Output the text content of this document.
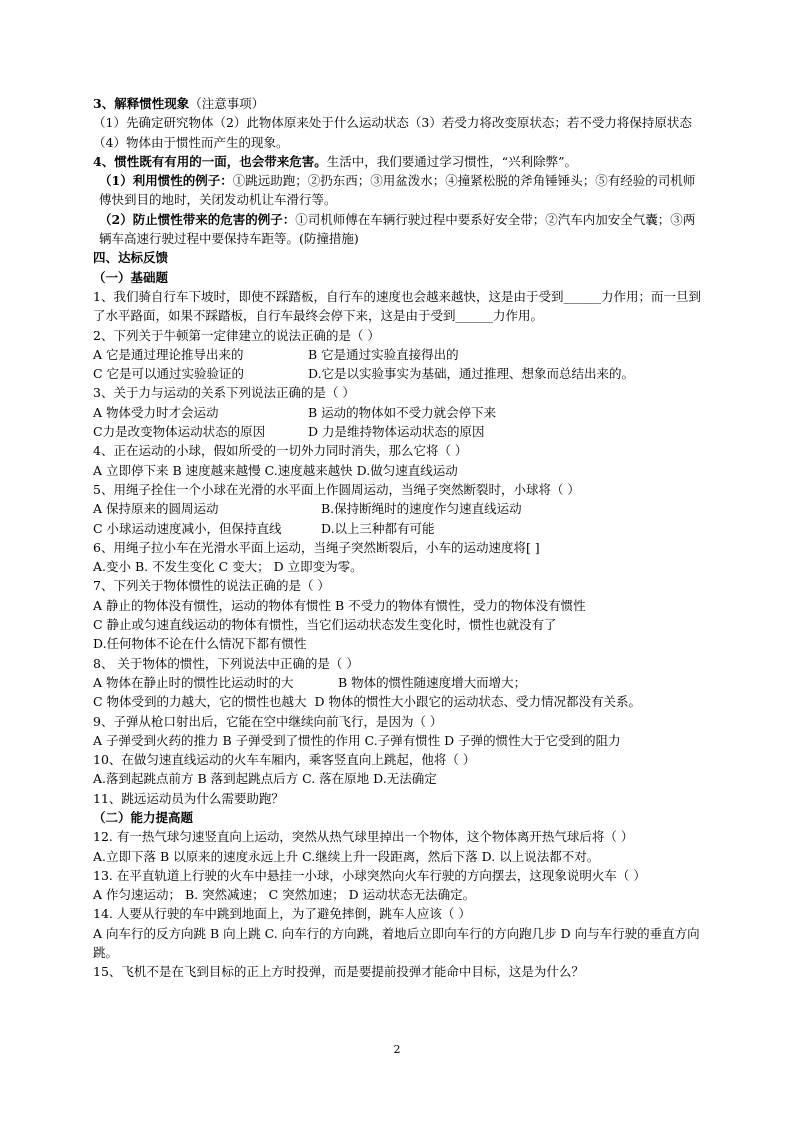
3、解释惯性现象（注意事项）
（1）先确定研究物体（2）此物体原来处于什么运动状态（3）若受力将改变原状态；若不受力将保持原状态
（4）物体由于惯性而产生的现象。
4、惯性既有有用的一面，也会带来危害。生活中，我们要通过学习惯性，“兴利除弊”。
（1）利用惯性的例子：①跳远助跑；②扔东西；③用盆泼水；④撞紧松脱的斧角锤锤头；⑤有经验的司机师傅快到目的地时，关闭发动机让车滑行等。
（2）防止惯性带来的危害的例子：①司机师傅在车辆行驶过程中要系好安全带；②汽车内加安全气囊；③两辆车高速行驶过程中要保持车距等。(防撞措施)
四、达标反馈
（一）基础题
1、我们骑自行车下坡时，即使不踩踏板，自行车的速度也会越来越快，这是由于受到______力作用；而一旦到了水平路面，如果不踩踏板，自行车最终会停下来，这是由于受到______力作用。
2、下列关于牛顿第一定律建立的说法正确的是（ ）
A 它是通过理论推导出来的	B 它是通过实验直接得出的
C 它是可以通过实验验证的	D.它是以实验事实为基础，通过推理、想象而总结出来的。
3、关于力与运动的关系下列说法正确的是（ ）
A 物体受力时才会运动	B 运动的物体如不受力就会停下来
C力是改变物体运动状态的原因	D 力是维持物体运动状态的原因
4、正在运动的小球，假如所受的一切外力同时消失，那么它将（ ）
A 立即停下来 B 速度越来越慢 C.速度越来越快 D.做匀速直线运动
5、用绳子拴住一个小球在光滑的水平面上作圆周运动，当绳子突然断裂时，小球将（ ）
A 保持原来的圆周运动	B.保持断绳时的速度作匀速直线运动
C 小球运动速度减小，但保持直线	D.以上三种都有可能
6、用绳子拉小车在光滑水平面上运动，当绳子突然断裂后，小车的运动速度将[ ]
A.变小 B. 不发生变化 C 变大； D 立即变为零。
7、下列关于物体惯性的说法正确的是（ ）
A 静止的物体没有惯性，运动的物体有惯性 B 不受力的物体有惯性，受力的物体没有惯性
C 静止或匀速直线运动的物体有惯性，当它们运动状态发生变化时，惯性也就没有了
D.任何物体不论在什么情况下都有惯性
8、 关于物体的惯性，下列说法中正确的是（ ）
A 物体在静止时的惯性比运动时的大	B 物体的惯性随速度增大而增大；
C 物体受到的力越大，它的惯性也越大 D 物体的惯性大小跟它的运动状态、受力情况都没有关系。
9、子弹从枪口射出后，它能在空中继续向前飞行，是因为（ ）
A 子弹受到火药的推力 B 子弹受到了惯性的作用 C.子弹有惯性 D 子弹的惯性大于它受到的阻力
10、在做匀速直线运动的火车车厢内，乘客竖直向上跳起，他将（ ）
A.落到起跳点前方 B 落到起跳点后方 C. 落在原地 D.无法确定
11、跳远运动员为什么需要助跑？
（二）能力提高题
12. 有一热气球匀速竖直向上运动，突然从热气球里掉出一个物体，这个物体离开热气球后将（ ）
A.立即下落 B 以原来的速度永远上升 C.继续上升一段距离，然后下落 D. 以上说法都不对。
13. 在平直轨道上行驶的火车中悬挂一小球，小球突然向火车行驶的方向摆去，这现象说明火车（ ）
A 作匀速运动； B. 突然减速； C 突然加速； D 运动状态无法确定。
14. 人要从行驶的车中跳到地面上，为了避免摔倒，跳车人应该（ ）
A 向车行的反方向跳 B 向上跳 C. 向车行的方向跳，着地后立即向车行的方向跑几步 D 向与车行驶的垂直方向跳。
15、飞机不是在飞到目标的正上方时投弹，而是要提前投弹才能命中目标，这是为什么？
2
